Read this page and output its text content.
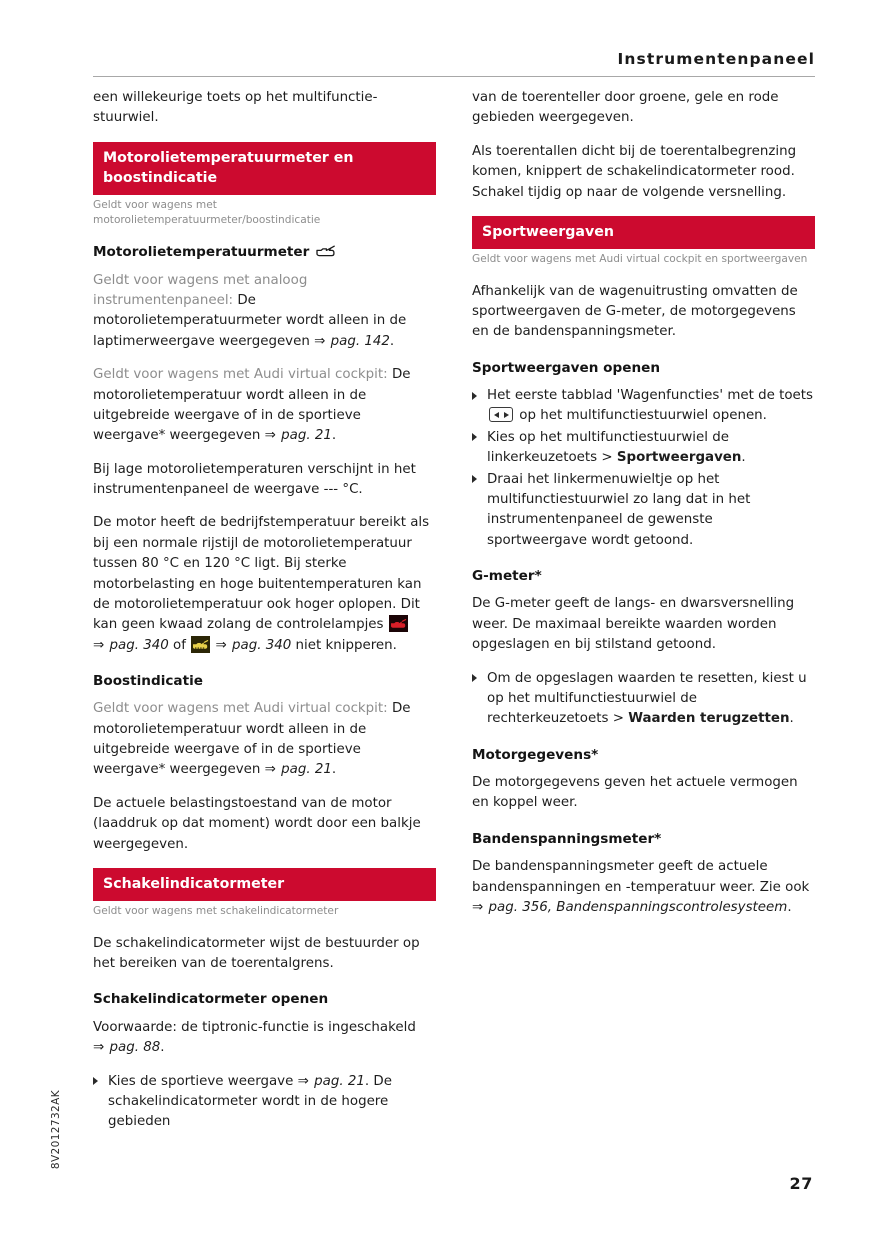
Instrumentenpaneel

een willekeurige toets op het multifunctie-stuurwiel.

Motorolietemperatuurmeter en boostindicatie
Geldt voor wagens met motorolietemperatuurmeter/boostindicatie
Motorolietemperatuurmeter

Geldt voor wagens met analoog instrumentenpaneel: De motorolietemperatuurmeter wordt alleen in de laptimerweergave weergegeven ⇒ pag. 142.

Geldt voor wagens met Audi virtual cockpit: De motorolietemperatuur wordt alleen in de uitgebreide weergave of in de sportieve weergave* weergegeven ⇒ pag. 21.

Bij lage motorolietemperaturen verschijnt in het instrumentenpaneel de weergave --- °C.

De motor heeft de bedrijfstemperatuur bereikt als bij een normale rijstijl de motorolietemperatuur tussen 80 °C en 120 °C ligt. Bij sterke motorbelasting en hoge buitentemperaturen kan de motorolietemperatuur ook hoger oplopen. Dit kan geen kwaad zolang de controlelampjes  ⇒ pag. 340 of ⇒ pag. 340 niet knipperen.

Boostindicatie

Geldt voor wagens met Audi virtual cockpit: De motorolietemperatuur wordt alleen in de uitgebreide weergave of in de sportieve weergave* weergegeven ⇒ pag. 21.

De actuele belastingstoestand van de motor (laaddruk op dat moment) wordt door een balkje weergegeven.

Schakelindicatormeter
Geldt voor wagens met schakelindicatormeter

De schakelindicatormeter wijst de bestuurder op het bereiken van de toerentalgrens.

Schakelindicatormeter openen

Voorwaarde: de tiptronic-functie is ingeschakeld ⇒ pag. 88.

Kies de sportieve weergave ⇒ pag. 21. De schakelindicatormeter wordt in de hogere gebieden

van de toerenteller door groene, gele en rode gebieden weergegeven.

Als toerentallen dicht bij de toerentalbegrenzing komen, knippert de schakelindicatormeter rood. Schakel tijdig op naar de volgende versnelling.

Sportweergaven
Geldt voor wagens met Audi virtual cockpit en sportweergaven

Afhankelijk van de wagenuitrusting omvatten de sportweergaven de G-meter, de motorgegevens en de bandenspanningsmeter.

Sportweergaven openen
Het eerste tabblad 'Wagenfuncties' met de toets
op het multifunctiestuurwiel openen.
Kies op het multifunctiestuurwiel de linkerkeuzetoets > Sportweergaven.
Draai het linkermenuwieltje op het multifunctiestuurwiel zo lang dat in het instrumentenpaneel de gewenste sportweergave wordt getoond.
G-meter*

De G-meter geeft de langs- en dwarsversnelling weer. De maximaal bereikte waarden worden opgeslagen en bij stilstand getoond.

Om de opgeslagen waarden te resetten, kiest u op het multifunctiestuurwiel de rechterkeuzetoets > Waarden terugzetten.
Motorgegevens*

De motorgegevens geven het actuele vermogen en koppel weer.

Bandenspanningsmeter*

De bandenspanningsmeter geeft de actuele bandenspanningen en -temperatuur weer. Zie ook ⇒ pag. 356, Bandenspanningscontrolesysteem.

8V2012732AK
27
